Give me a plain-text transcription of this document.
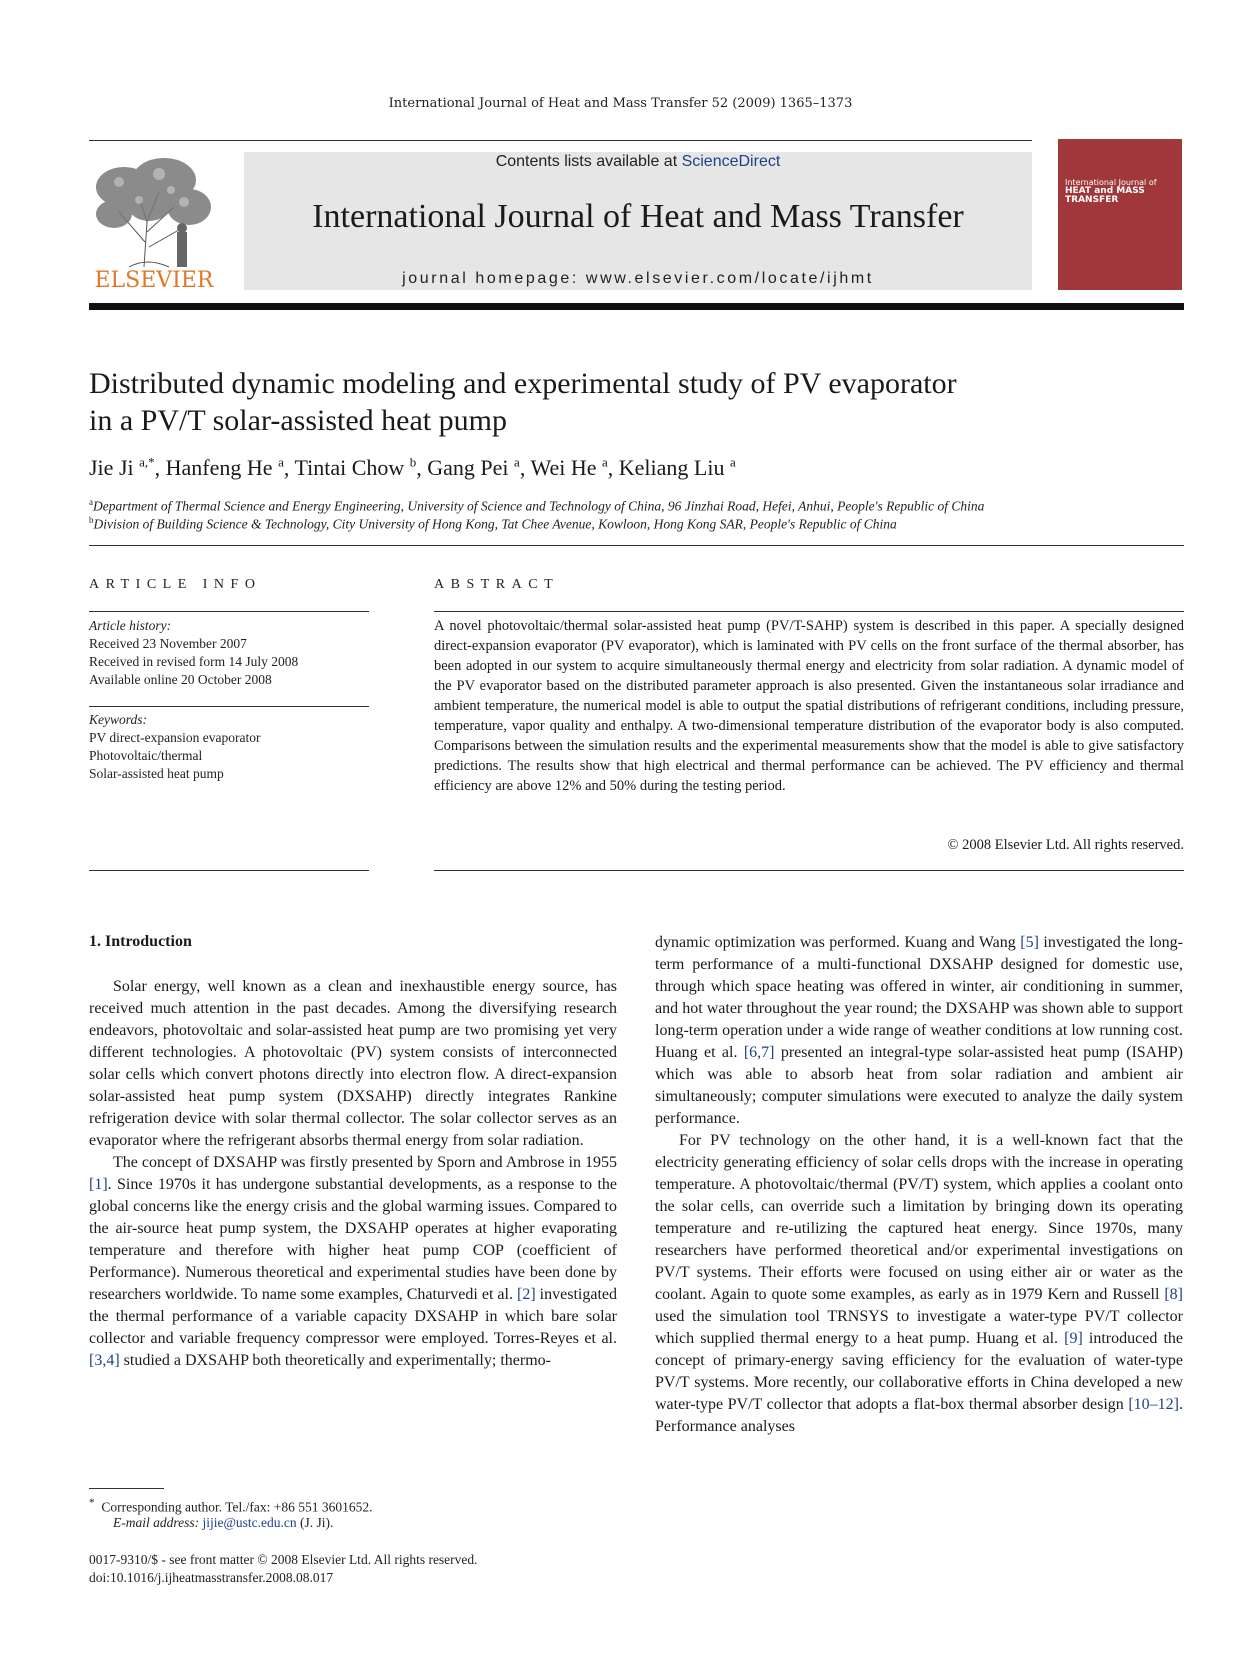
International Journal of Heat and Mass Transfer 52 (2009) 1365–1373
ELSEVIER
Contents lists available at ScienceDirect
International Journal of Heat and Mass Transfer
journal homepage: www.elsevier.com/locate/ijhmt
International Journal of
HEAT and MASS
TRANSFER
Distributed dynamic modeling and experimental study of PV evaporator
in a PV/T solar-assisted heat pump
Jie Ji $^{a,*}$, Hanfeng He $^a$, Tintai Chow $^b$, Gang Pei $^a$, Wei He $^a$, Keliang Liu $^a$
$^a$Department of Thermal Science and Energy Engineering, University of Science and Technology of China, 96 Jinzhai Road, Hefei, Anhui, People's Republic of China
$^b$Division of Building Science & Technology, City University of Hong Kong, Tat Chee Avenue, Kowloon, Hong Kong SAR, People's Republic of China
ARTICLE INFO
Article history:
Received 23 November 2007
Received in revised form 14 July 2008
Available online 20 October 2008
Keywords:
PV direct-expansion evaporator
Photovoltaic/thermal
Solar-assisted heat pump
ABSTRACT
A novel photovoltaic/thermal solar-assisted heat pump (PV/T-SAHP) system is described in this paper. A specially designed direct-expansion evaporator (PV evaporator), which is laminated with PV cells on the front surface of the thermal absorber, has been adopted in our system to acquire simultaneously thermal energy and electricity from solar radiation. A dynamic model of the PV evaporator based on the distributed parameter approach is also presented. Given the instantaneous solar irradiance and ambient temperature, the numerical model is able to output the spatial distributions of refrigerant conditions, including pressure, temperature, vapor quality and enthalpy. A two-dimensional temperature distribution of the evaporator body is also computed. Comparisons between the simulation results and the experimental measurements show that the model is able to give satisfactory predictions. The results show that high electrical and thermal performance can be achieved. The PV efficiency and thermal efficiency are above 12% and 50% during the testing period.
© 2008 Elsevier Ltd. All rights reserved.
1. Introduction

Solar energy, well known as a clean and inexhaustible energy source, has received much attention in the past decades. Among the diversifying research endeavors, photovoltaic and solar-assisted heat pump are two promising yet very different technologies. A photovoltaic (PV) system consists of interconnected solar cells which convert photons directly into electron flow. A direct-expansion solar-assisted heat pump system (DXSAHP) directly integrates Rankine refrigeration device with solar thermal collector. The solar collector serves as an evaporator where the refrigerant absorbs thermal energy from solar radiation.

The concept of DXSAHP was firstly presented by Sporn and Ambrose in 1955 [1]. Since 1970s it has undergone substantial developments, as a response to the global concerns like the energy crisis and the global warming issues. Compared to the air-source heat pump system, the DXSAHP operates at higher evaporating temperature and therefore with higher heat pump COP (coefficient of Performance). Numerous theoretical and experimental studies have been done by researchers worldwide. To name some examples, Chaturvedi et al. [2] investigated the thermal performance of a variable capacity DXSAHP in which bare solar collector and variable frequency compressor were employed. Torres-Reyes et al. [3,4] studied a DXSAHP both theoretically and experimentally; thermo-

dynamic optimization was performed. Kuang and Wang [5] investigated the long-term performance of a multi-functional DXSAHP designed for domestic use, through which space heating was offered in winter, air conditioning in summer, and hot water throughout the year round; the DXSAHP was shown able to support long-term operation under a wide range of weather conditions at low running cost. Huang et al. [6,7] presented an integral-type solar-assisted heat pump (ISAHP) which was able to absorb heat from solar radiation and ambient air simultaneously; computer simulations were executed to analyze the daily system performance.

For PV technology on the other hand, it is a well-known fact that the electricity generating efficiency of solar cells drops with the increase in operating temperature. A photovoltaic/thermal (PV/T) system, which applies a coolant onto the solar cells, can override such a limitation by bringing down its operating temperature and re-utilizing the captured heat energy. Since 1970s, many researchers have performed theoretical and/or experimental investigations on PV/T systems. Their efforts were focused on using either air or water as the coolant. Again to quote some examples, as early as in 1979 Kern and Russell [8] used the simulation tool TRNSYS to investigate a water-type PV/T collector which supplied thermal energy to a heat pump. Huang et al. [9] introduced the concept of primary-energy saving efficiency for the evaluation of water-type PV/T systems. More recently, our collaborative efforts in China developed a new water-type PV/T collector that adopts a flat-box thermal absorber design [10–12]. Performance analyses

* Corresponding author. Tel./fax: +86 551 3601652.
E-mail address: jijie@ustc.edu.cn (J. Ji).
0017-9310/$ - see front matter © 2008 Elsevier Ltd. All rights reserved.
doi:10.1016/j.ijheatmasstransfer.2008.08.017
